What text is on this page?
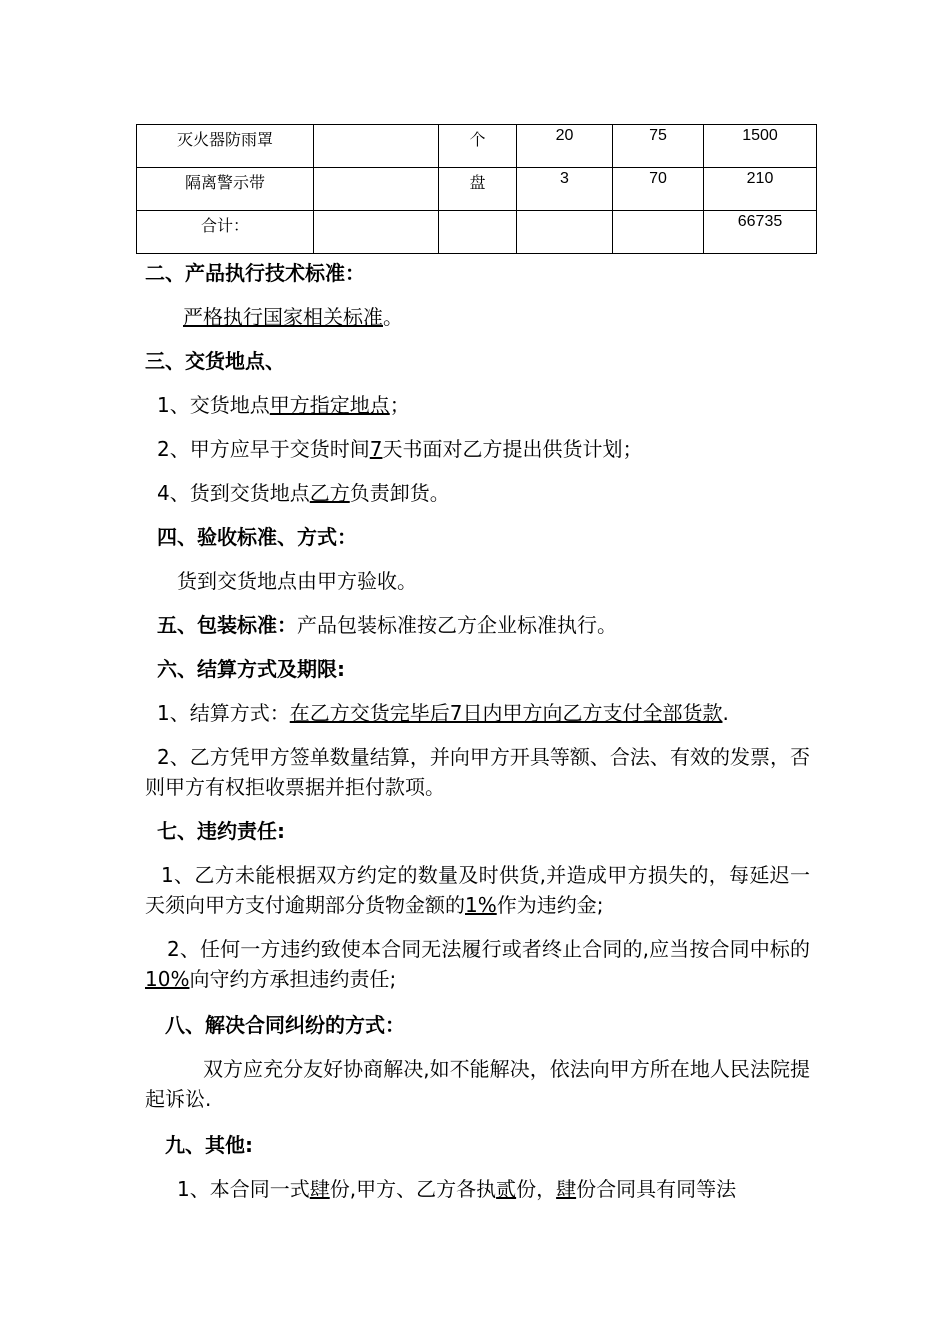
灭火器防雨罩		个	20	75	1500
隔离警示带		盘	3	70	210
合计：					66735

二、产品执行技术标准：

严格执行国家相关标准。

三、交货地点、

1、交货地点甲方指定地点；

2、甲方应早于交货时间7天书面对乙方提出供货计划；

4、货到交货地点乙方负责卸货。

四、验收标准、方式：

货到交货地点由甲方验收。

五、包装标准：产品包装标准按乙方企业标准执行。

六、结算方式及期限:

1、结算方式：在乙方交货完毕后7日内甲方向乙方支付全部货款.

2、乙方凭甲方签单数量结算，并向甲方开具等额、合法、有效的发票，否则甲方有权拒收票据并拒付款项。

七、违约责任:

1、乙方未能根据双方约定的数量及时供货,并造成甲方损失的，每延迟一天须向甲方支付逾期部分货物金额的1%作为违约金;

2、任何一方违约致使本合同无法履行或者终止合同的,应当按合同中标的10%向守约方承担违约责任;

八、解决合同纠纷的方式：

双方应充分友好协商解决,如不能解决，依法向甲方所在地人民法院提起诉讼.

九、其他:

1、本合同一式肆份,甲方、乙方各执贰份，肆份合同具有同等法
